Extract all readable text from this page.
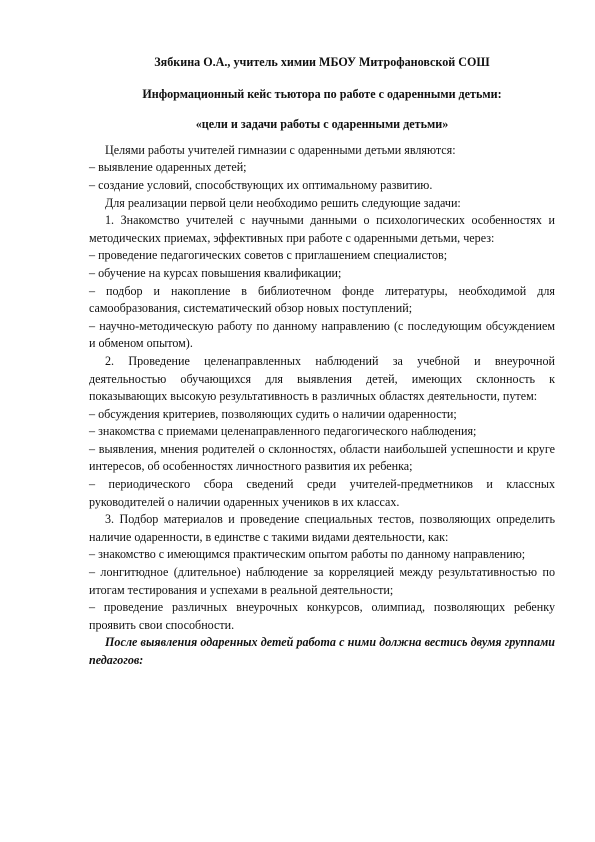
Зябкина О.А., учитель химии МБОУ Митрофановской СОШ

Информационный кейс тьютора по работе с одаренными детьми:

«цели и задачи работы с одаренными детьми»

Целями работы учителей гимназии с одаренными детьми являются:

– выявление одаренных детей;

– создание условий, способствующих их оптимальному развитию.

Для реализации первой цели необходимо решить следующие задачи:

1. Знакомство учителей с научными данными о психологических особенностях и методических приемах, эффективных при работе с одаренными детьми, через:

– проведение педагогических советов с приглашением специалистов;

– обучение на курсах повышения квалификации;

– подбор и накопление в библиотечном фонде литературы, необходимой для самообразования, систематический обзор новых поступлений;

– научно-методическую работу по данному направлению (с последующим обсуждением и обменом опытом).

2. Проведение целенаправленных наблюдений за учебной и внеурочной деятельностью обучающихся для выявления детей, имеющих склонность к показывающих высокую результативность в различных областях деятельности, путем:

– обсуждения критериев, позволяющих судить о наличии одаренности;

– знакомства с приемами целенаправленного педагогического наблюдения;

– выявления, мнения родителей о склонностях, области наибольшей успешности и круге интересов, об особенностях личностного развития их ребенка;

– периодического сбора сведений среди учителей-предметников и классных руководителей о наличии одаренных учеников в их классах.

3. Подбор материалов и проведение специальных тестов, позволяющих определить наличие одаренности, в единстве с такими видами деятельности, как:

– знакомство с имеющимся практическим опытом работы по данному направлению;

– лонгитюдное (длительное) наблюдение за корреляцией между результативностью по итогам тестирования и успехами в реальной деятельности;

– проведение различных внеурочных конкурсов, олимпиад, позволяющих ребенку проявить свои способности.

После выявления одаренных детей работа с ними должна вестись двумя группами педагогов:
